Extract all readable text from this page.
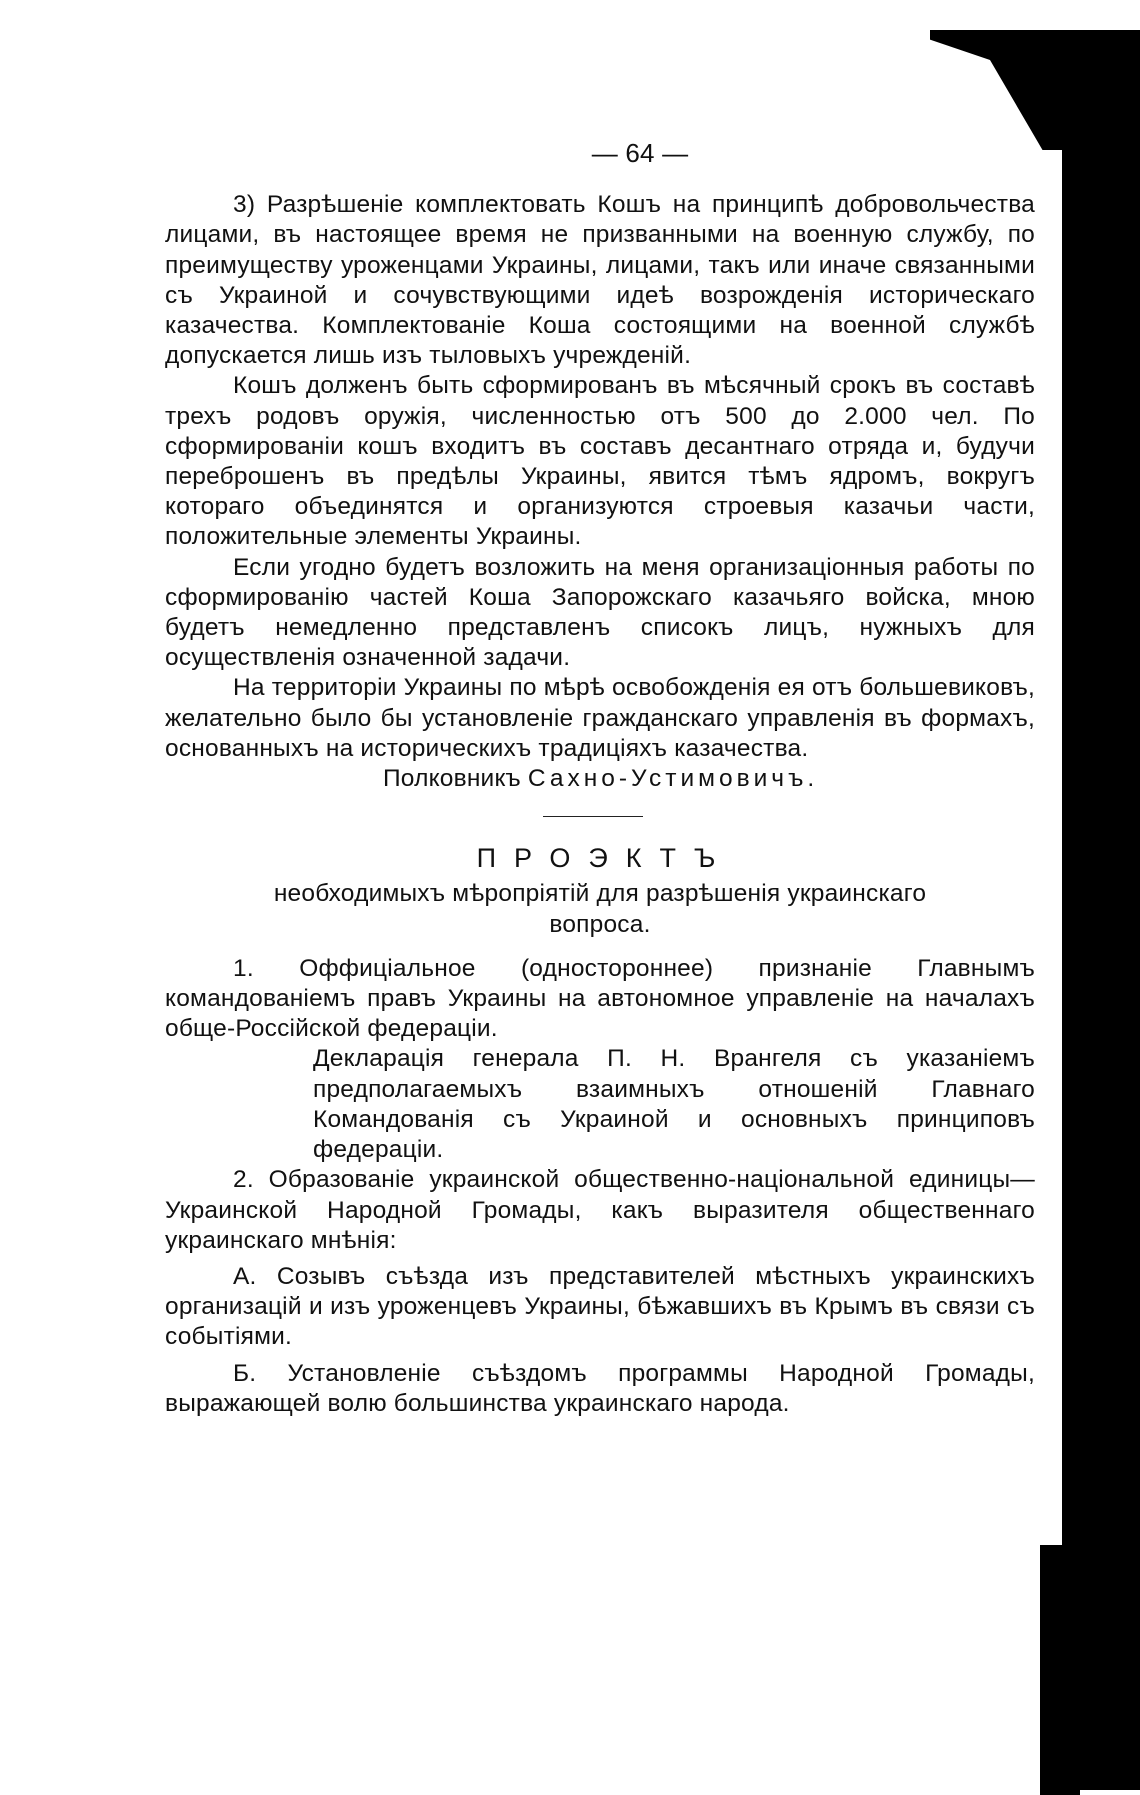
— 64 —

3) Разрѣшеніе комплектовать Кошъ на принципѣ добровольчества лицами, въ настоящее время не призванными на военную службу, по преимуществу уроженцами Украины, лицами, такъ или иначе связанными съ Украиной и сочувствующими идеѣ возрожденія историческаго казачества. Комплектованіе Коша состоящими на военной службѣ допускается лишь изъ тыловыхъ учрежденій.

Кошъ долженъ быть сформированъ въ мѣсячный срокъ въ составѣ трехъ родовъ оружія, численностью отъ 500 до 2.000 чел. По сформированіи кошъ входитъ въ составъ десантнаго отряда и, будучи переброшенъ въ предѣлы Украины, явится тѣмъ ядромъ, вокругъ котораго объединятся и организуются строевыя казачьи части, положительные элементы Украины.

Если угодно будетъ возложить на меня организаціонныя работы по сформированію частей Коша Запорожскаго казачьяго войска, мною будетъ немедленно представленъ списокъ лицъ, нужныхъ для осуществленія означенной задачи.

На территоріи Украины по мѣрѣ освобожденія ея отъ большевиковъ, желательно было бы установленіе гражданскаго управленія въ формахъ, основанныхъ на историческихъ традиціяхъ казачества.

Полковникъ Сахно-Устимовичъ.
ПРОЭКТЪ
необходимыхъ мѣропріятій для разрѣшенія украинскаго
вопроса.

1. Оффиціальное (одностороннее) признаніе Главнымъ командованіемъ правъ Украины на автономное управленіе на началахъ обще-Россійской федераціи.

Декларація генерала П. Н. Врангеля съ указаніемъ предполагаемыхъ взаимныхъ отношеній Главнаго Командованія съ Украиной и основныхъ принциповъ федераціи.

2. Образованіе украинской общественно-національной единицы—Украинской Народной Громады, какъ выразителя общественнаго украинскаго мнѣнія:

А. Созывъ съѣзда изъ представителей мѣстныхъ украинскихъ организацій и изъ уроженцевъ Украины, бѣжавшихъ въ Крымъ въ связи съ событіями.

Б. Установленіе съѣздомъ программы Народной Громады, выражающей волю большинства украинскаго народа.
